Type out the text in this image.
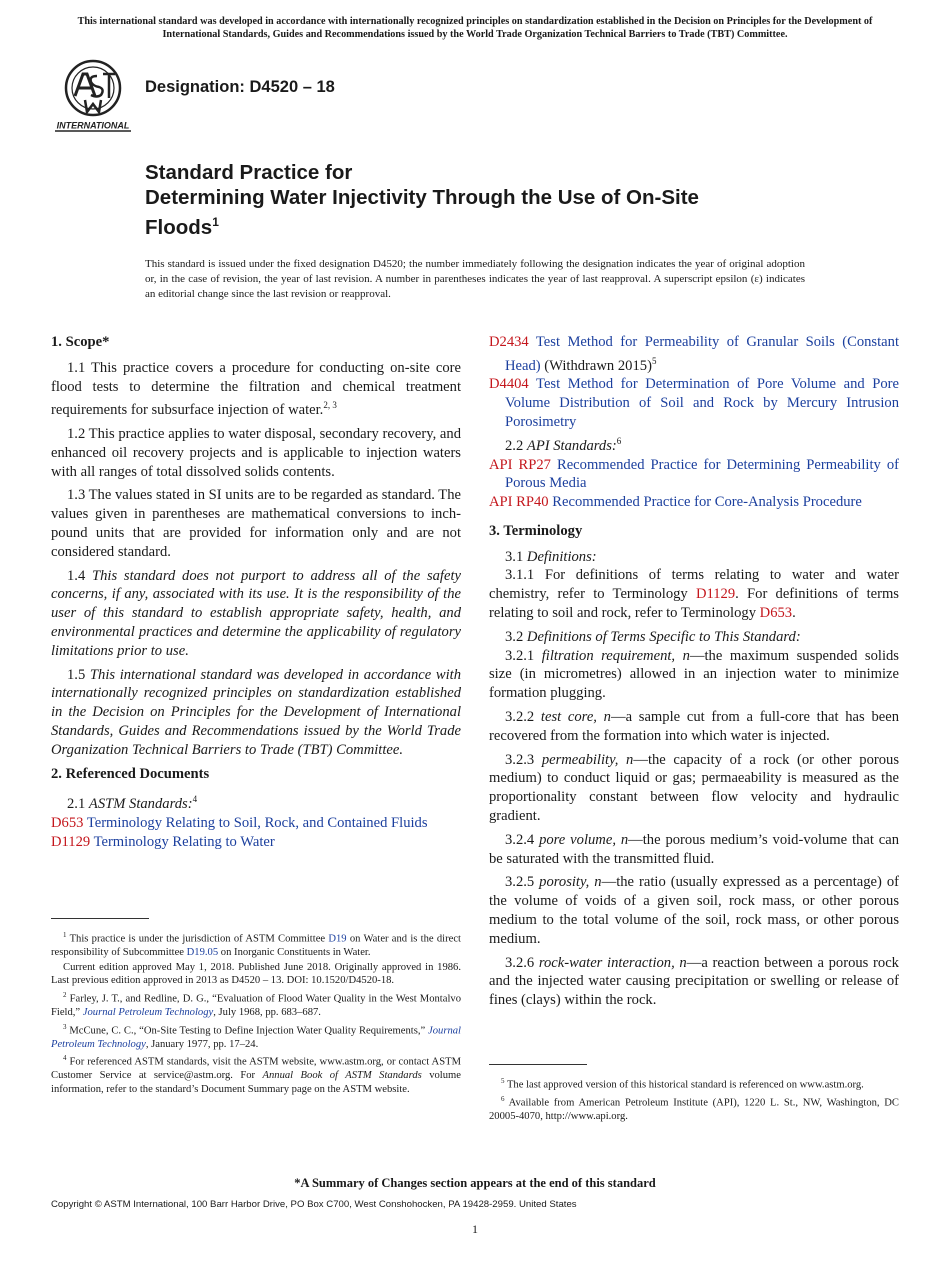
This international standard was developed in accordance with internationally recognized principles on standardization established in the Decision on Principles for the Development of International Standards, Guides and Recommendations issued by the World Trade Organization Technical Barriers to Trade (TBT) Committee.
INTERNATIONAL
Designation: D4520 – 18
Standard Practice for
Determining Water Injectivity Through the Use of On-Site
Floods$^1$
This standard is issued under the fixed designation D4520; the number immediately following the designation indicates the year of original adoption or, in the case of revision, the year of last revision. A number in parentheses indicates the year of last reapproval. A superscript epsilon (ε) indicates an editorial change since the last revision or reapproval.

1. Scope*

1.1 This practice covers a procedure for conducting on-site core flood tests to determine the filtration and chemical treatment requirements for subsurface injection of water.$^{2, 3}$

1.2 This practice applies to water disposal, secondary recovery, and enhanced oil recovery projects and is applicable to injection waters with all ranges of total dissolved solids contents.

1.3 The values stated in SI units are to be regarded as standard. The values given in parentheses are mathematical conversions to inch-pound units that are provided for information only and are not considered standard.

1.4 This standard does not purport to address all of the safety concerns, if any, associated with its use. It is the responsibility of the user of this standard to establish appropriate safety, health, and environmental practices and determine the applicability of regulatory limitations prior to use.

1.5 This international standard was developed in accordance with internationally recognized principles on standardization established in the Decision on Principles for the Development of International Standards, Guides and Recommendations issued by the World Trade Organization Technical Barriers to Trade (TBT) Committee.

2. Referenced Documents

2.1 ASTM Standards:$^4$

D653 Terminology Relating to Soil, Rock, and Contained Fluids

D1129 Terminology Relating to Water

D2434 Test Method for Permeability of Granular Soils (Constant Head) (Withdrawn 2015)$^5$

D4404 Test Method for Determination of Pore Volume and Pore Volume Distribution of Soil and Rock by Mercury Intrusion Porosimetry

2.2 API Standards:$^6$

API RP27 Recommended Practice for Determining Permeability of Porous Media

API RP40 Recommended Practice for Core-Analysis Procedure

3. Terminology

3.1 Definitions:

3.1.1 For definitions of terms relating to water and water chemistry, refer to Terminology D1129. For definitions of terms relating to soil and rock, refer to Terminology D653.

3.2 Definitions of Terms Specific to This Standard:

3.2.1 filtration requirement, n—the maximum suspended solids size (in micrometres) allowed in an injection water to minimize formation plugging.

3.2.2 test core, n—a sample cut from a full-core that has been recovered from the formation into which water is injected.

3.2.3 permeability, n—the capacity of a rock (or other porous medium) to conduct liquid or gas; permaeability is measured as the proportionality constant between flow velocity and hydraulic gradient.

3.2.4 pore volume, n—the porous medium’s void-volume that can be saturated with the transmitted fluid.

3.2.5 porosity, n—the ratio (usually expressed as a percentage) of the volume of voids of a given soil, rock mass, or other porous medium to the total volume of the soil, rock mass, or other porous medium.

3.2.6 rock-water interaction, n—a reaction between a porous rock and the injected water causing precipitation or swelling or release of fines (clays) within the rock.

$^1$ This practice is under the jurisdiction of ASTM Committee D19 on Water and is the direct responsibility of Subcommittee D19.05 on Inorganic Constituents in Water.

Current edition approved May 1, 2018. Published June 2018. Originally approved in 1986. Last previous edition approved in 2013 as D4520 – 13. DOI: 10.1520/D4520-18.

$^2$ Farley, J. T., and Redline, D. G., “Evaluation of Flood Water Quality in the West Montalvo Field,” Journal Petroleum Technology, July 1968, pp. 683–687.

$^3$ McCune, C. C., “On-Site Testing to Define Injection Water Quality Requirements,” Journal Petroleum Technology, January 1977, pp. 17–24.

$^4$ For referenced ASTM standards, visit the ASTM website, www.astm.org, or contact ASTM Customer Service at service@astm.org. For Annual Book of ASTM Standards volume information, refer to the standard’s Document Summary page on the ASTM website.

$^5$ The last approved version of this historical standard is referenced on www.astm.org.

$^6$ Available from American Petroleum Institute (API), 1220 L. St., NW, Washington, DC 20005-4070, http://www.api.org.

*A Summary of Changes section appears at the end of this standard
Copyright © ASTM International, 100 Barr Harbor Drive, PO Box C700, West Conshohocken, PA 19428-2959. United States
1
